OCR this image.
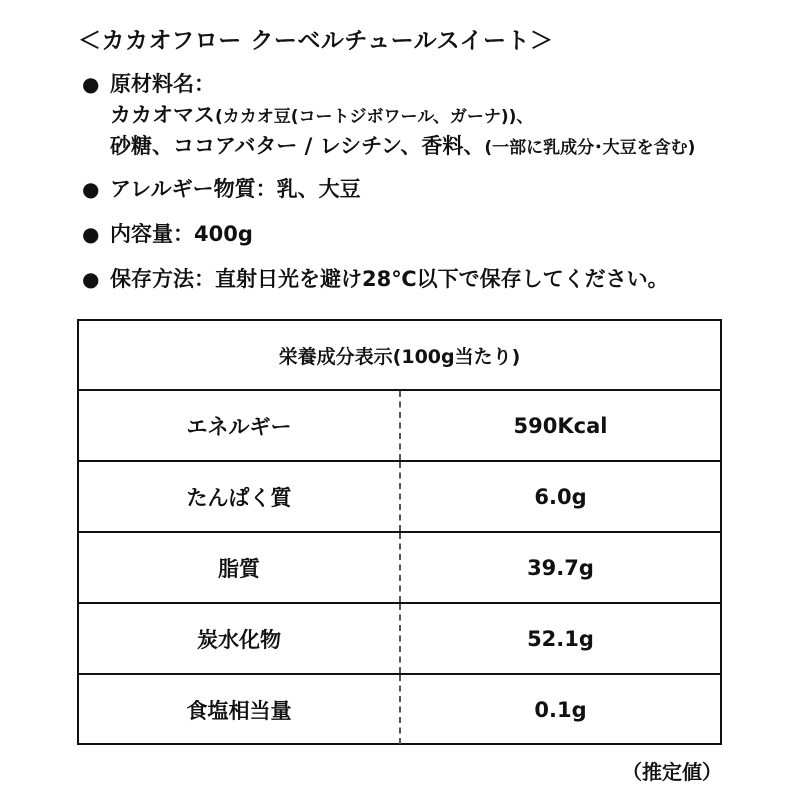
＜カカオフロー クーベルチュールスイート＞
● 原材料名：
カカオマス(カカオ豆(コートジボワール、ガーナ))、
砂糖、ココアバター / レシチン、香料、(一部に乳成分･大豆を含む)
● アレルギー物質：乳、大豆
● 内容量：400g
● 保存方法：直射日光を避け28℃以下で保存してください。
栄養成分表示(100g当たり)
エネルギー	590Kcal
たんぱく質	6.0g
脂質	39.7g
炭水化物	52.1g
食塩相当量	0.1g
（推定値）
